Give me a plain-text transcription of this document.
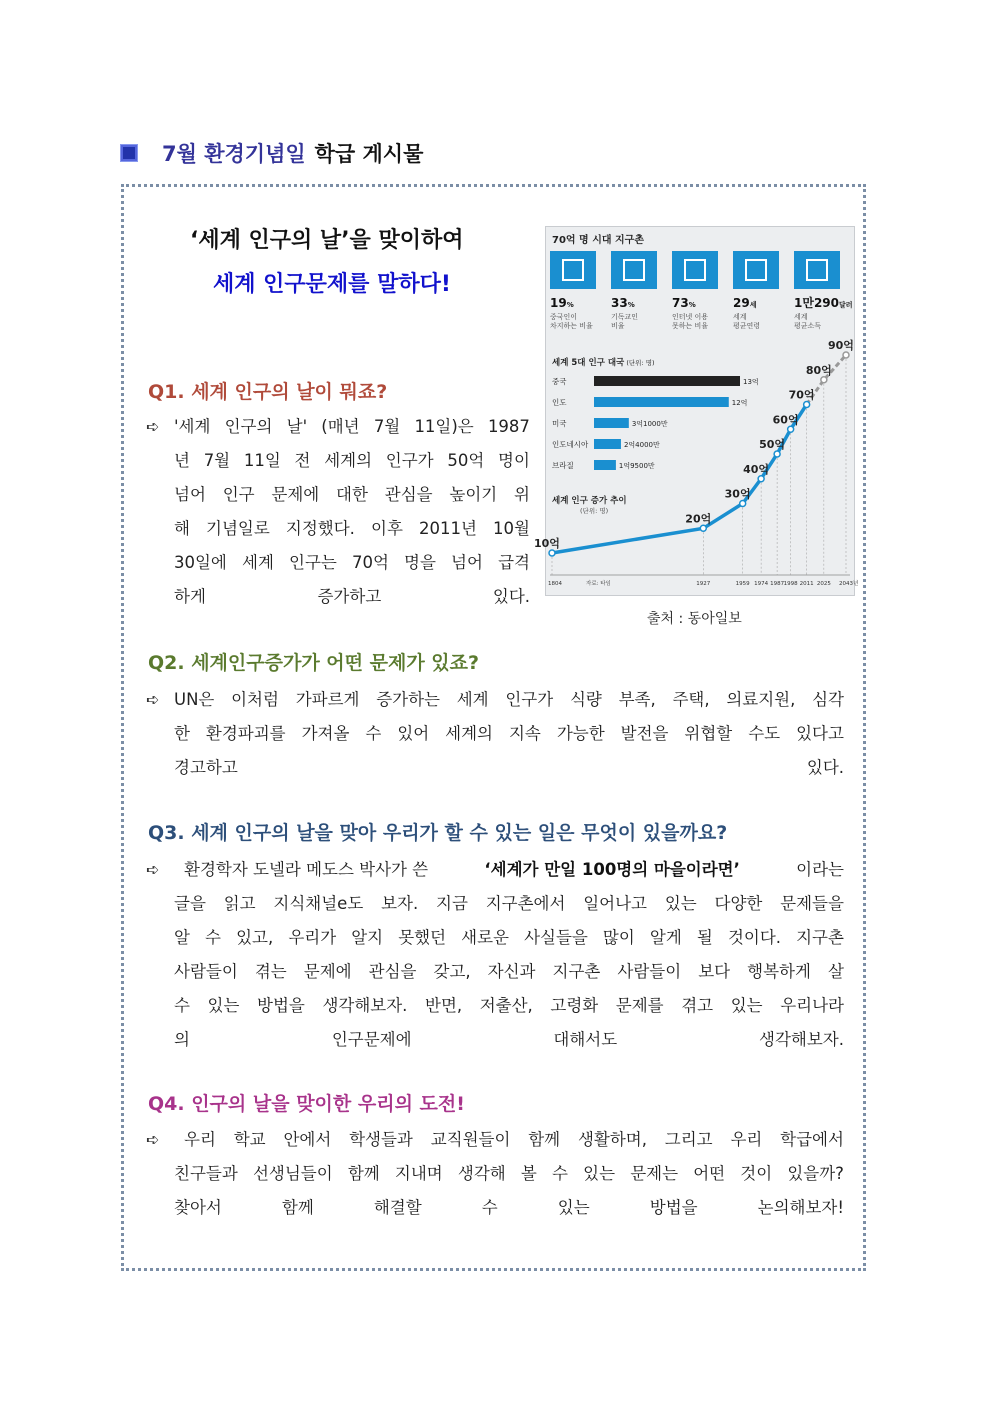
7월 환경기념일 학급 게시물
‘세계 인구의 날’을 맞이하여
세계 인구문제를 말하다!
Q1. 세계 인구의 날이 뭐죠?
➪ '세계 인구의 날' (매년 7월 11일)은 1987
년 7월 11일 전 세계의 인구가 50억 명이
넘어 인구 문제에 대한 관심을 높이기 위
해 기념일로 지정했다. 이후 2011년 10월
30일에 세계 인구는 70억 명을 넘어 급격
하게 증가하고 있다.
70억 명 시대 지구촌
19%
중국인이
차지하는 비율
33%
기독교인
비율
73%
인터넷 이용
못하는 비율
29세
세계
평균연령
1만290달러
세계
평균소득
세계 5대 인구 대국 (단위: 명)
중국	13억
인도	12억
미국	3억1000만
인도네시아	2억4000만
브라질	1억9500만
세계 인구 증가 추이
(단위: 명)
10억
1804
20억
1927
30억
1959
40억
1974
50억
1987
60억
1998
70억
2011
80억
2025
90억
2043년
자료: 타임
출처 : 동아일보
Q2. 세계인구증가가 어떤 문제가 있죠?
➪ UN은 이처럼 가파르게 증가하는 세계 인구가 식량 부족, 주택, 의료지원, 심각
한 환경파괴를 가져올 수 있어 세계의 지속 가능한 발전을 위협할 수도 있다고
경고하고 있다.
Q3. 세계 인구의 날을 맞아 우리가 할 수 있는 일은 무엇이 있을까요?
➪ 환경학자 도넬라 메도스 박사가 쓴	‘세계가 만일 100명의 마을이라면’	이라는
글을 읽고 지식채널e도 보자. 지금 지구촌에서 일어나고 있는 다양한 문제들을
알 수 있고, 우리가 알지 못했던 새로운 사실들을 많이 알게 될 것이다. 지구촌
사람들이 겪는 문제에 관심을 갖고, 자신과 지구촌 사람들이 보다 행복하게 살
수 있는 방법을 생각해보자. 반면, 저출산, 고령화 문제를 겪고 있는 우리나라
의 인구문제에 대해서도 생각해보자.
Q4. 인구의 날을 맞이한 우리의 도전!
➪ 우리 학교 안에서 학생들과 교직원들이 함께 생활하며, 그리고 우리 학급에서
친구들과 선생님들이 함께 지내며 생각해 볼 수 있는 문제는 어떤 것이 있을까?
찾아서 함께 해결할 수 있는 방법을 논의해보자!
